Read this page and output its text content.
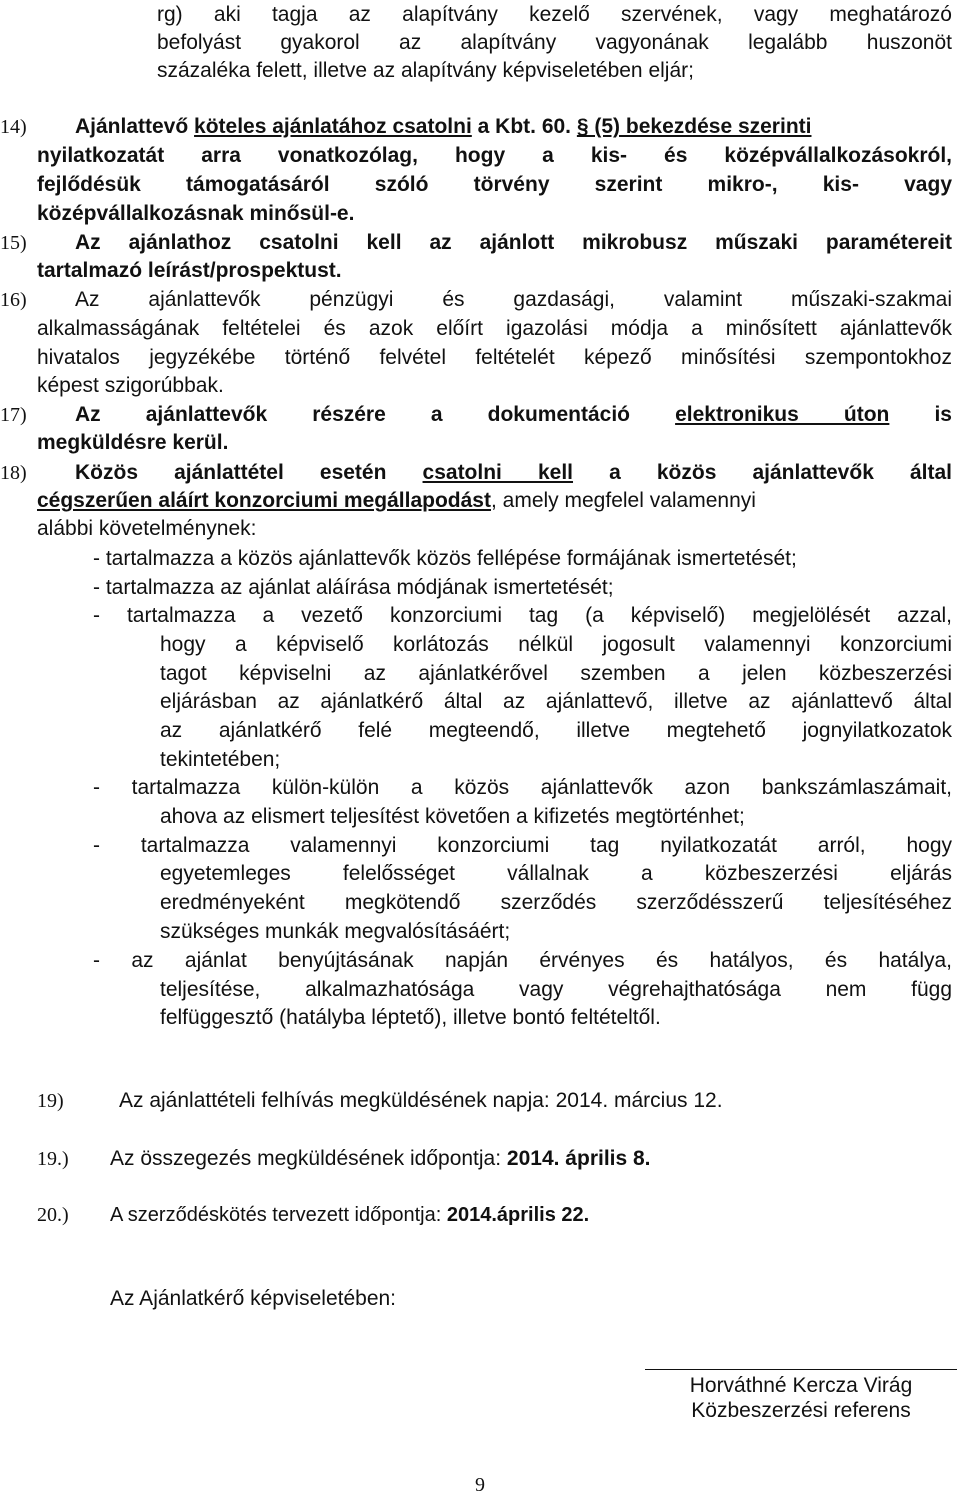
rg) aki tagja az alapítvány kezelő szervének, vagy meghatározó
befolyást gyakorol az alapítvány vagyonának legalább huszonöt
százaléka felett, illetve az alapítvány képviseletében eljár;
14)	Ajánlattevő köteles ajánlatához csatolni a Kbt. 60. § (5) bekezdése szerinti
nyilatkozatát arra vonatkozólag, hogy a kis- és középvállalkozásokról,
fejlődésük támogatásáról szóló törvény szerint mikro-, kis- vagy
középvállalkozásnak minősül-e.
15)	Az ajánlathoz csatolni kell az ajánlott mikrobusz műszaki paramétereit
tartalmazó leírást/prospektust.
16)	Az ajánlattevők pénzügyi és gazdasági, valamint műszaki-szakmai
alkalmasságának feltételei és azok előírt igazolási módja a minősített ajánlattevők
hivatalos jegyzékébe történő felvétel feltételét képező minősítési szempontokhoz
képest szigorúbbak.
17)	Az ajánlattevők részére a dokumentáció elektronikus úton is
megküldésre kerül.
18)	Közös ajánlattétel esetén csatolni kell a közös ajánlattevők által
cégszerűen aláírt konzorciumi megállapodást, amely megfelel valamennyi
alábbi követelménynek:
- tartalmazza a közös ajánlattevők közös fellépése formájának ismertetését;
- tartalmazza az ajánlat aláírása módjának ismertetését;
- tartalmazza a vezető konzorciumi tag (a képviselő) megjelölését azzal,
hogy a képviselő korlátozás nélkül jogosult valamennyi konzorciumi
tagot képviselni az ajánlatkérővel szemben a jelen közbeszerzési
eljárásban az ajánlatkérő által az ajánlattevő, illetve az ajánlattevő által
az ajánlatkérő felé megteendő, illetve megtehető jognyilatkozatok
tekintetében;
- tartalmazza külön-külön a közös ajánlattevők azon bankszámlaszámait,
ahova az elismert teljesítést követően a kifizetés megtörténhet;
- tartalmazza valamennyi konzorciumi tag nyilatkozatát arról, hogy
egyetemleges felelősséget vállalnak a közbeszerzési eljárás
eredményeként megkötendő szerződés szerződésszerű teljesítéséhez
szükséges munkák megvalósításáért;
- az ajánlat benyújtásának napján érvényes és hatályos, és hatálya,
teljesítése, alkalmazhatósága vagy végrehajthatósága nem függ
felfüggesztő (hatályba léptető), illetve bontó feltételtől.
19)	Az ajánlattételi felhívás megküldésének napja: 2014. március 12.
19.)	Az összegezés megküldésének időpontja: 2014. április 8.
20.)	A szerződéskötés tervezett időpontja: 2014.április 22.
Az Ajánlatkérő képviseletében:
Horváthné Kercza Virág
Közbeszerzési referens
9
